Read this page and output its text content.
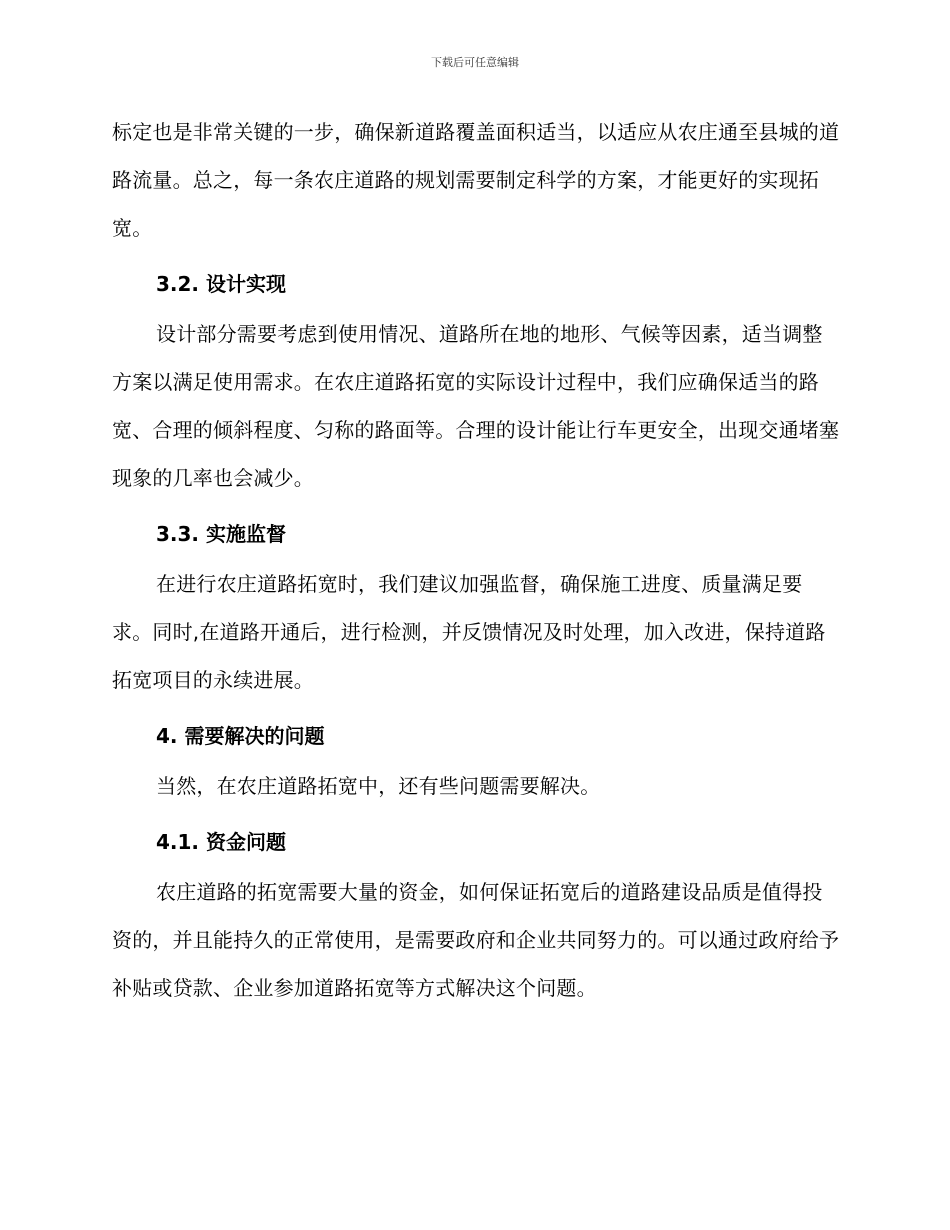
下载后可任意编辑

标定也是非常关键的一步，确保新道路覆盖面积适当，以适应从农庄通至县城的道路流量。总之，每一条农庄道路的规划需要制定科学的方案，才能更好的实现拓宽。

3.2. 设计实现

设计部分需要考虑到使用情况、道路所在地的地形、气候等因素，适当调整方案以满足使用需求。在农庄道路拓宽的实际设计过程中，我们应确保适当的路宽、合理的倾斜程度、匀称的路面等。合理的设计能让行车更安全，出现交通堵塞现象的几率也会减少。

3.3. 实施监督

在进行农庄道路拓宽时，我们建议加强监督，确保施工进度、质量满足要求。同时,在道路开通后，进行检测，并反馈情况及时处理，加入改进，保持道路拓宽项目的永续进展。

4. 需要解决的问题

当然，在农庄道路拓宽中，还有些问题需要解决。

4.1. 资金问题

农庄道路的拓宽需要大量的资金，如何保证拓宽后的道路建设品质是值得投资的，并且能持久的正常使用，是需要政府和企业共同努力的。可以通过政府给予补贴或贷款、企业参加道路拓宽等方式解决这个问题。
